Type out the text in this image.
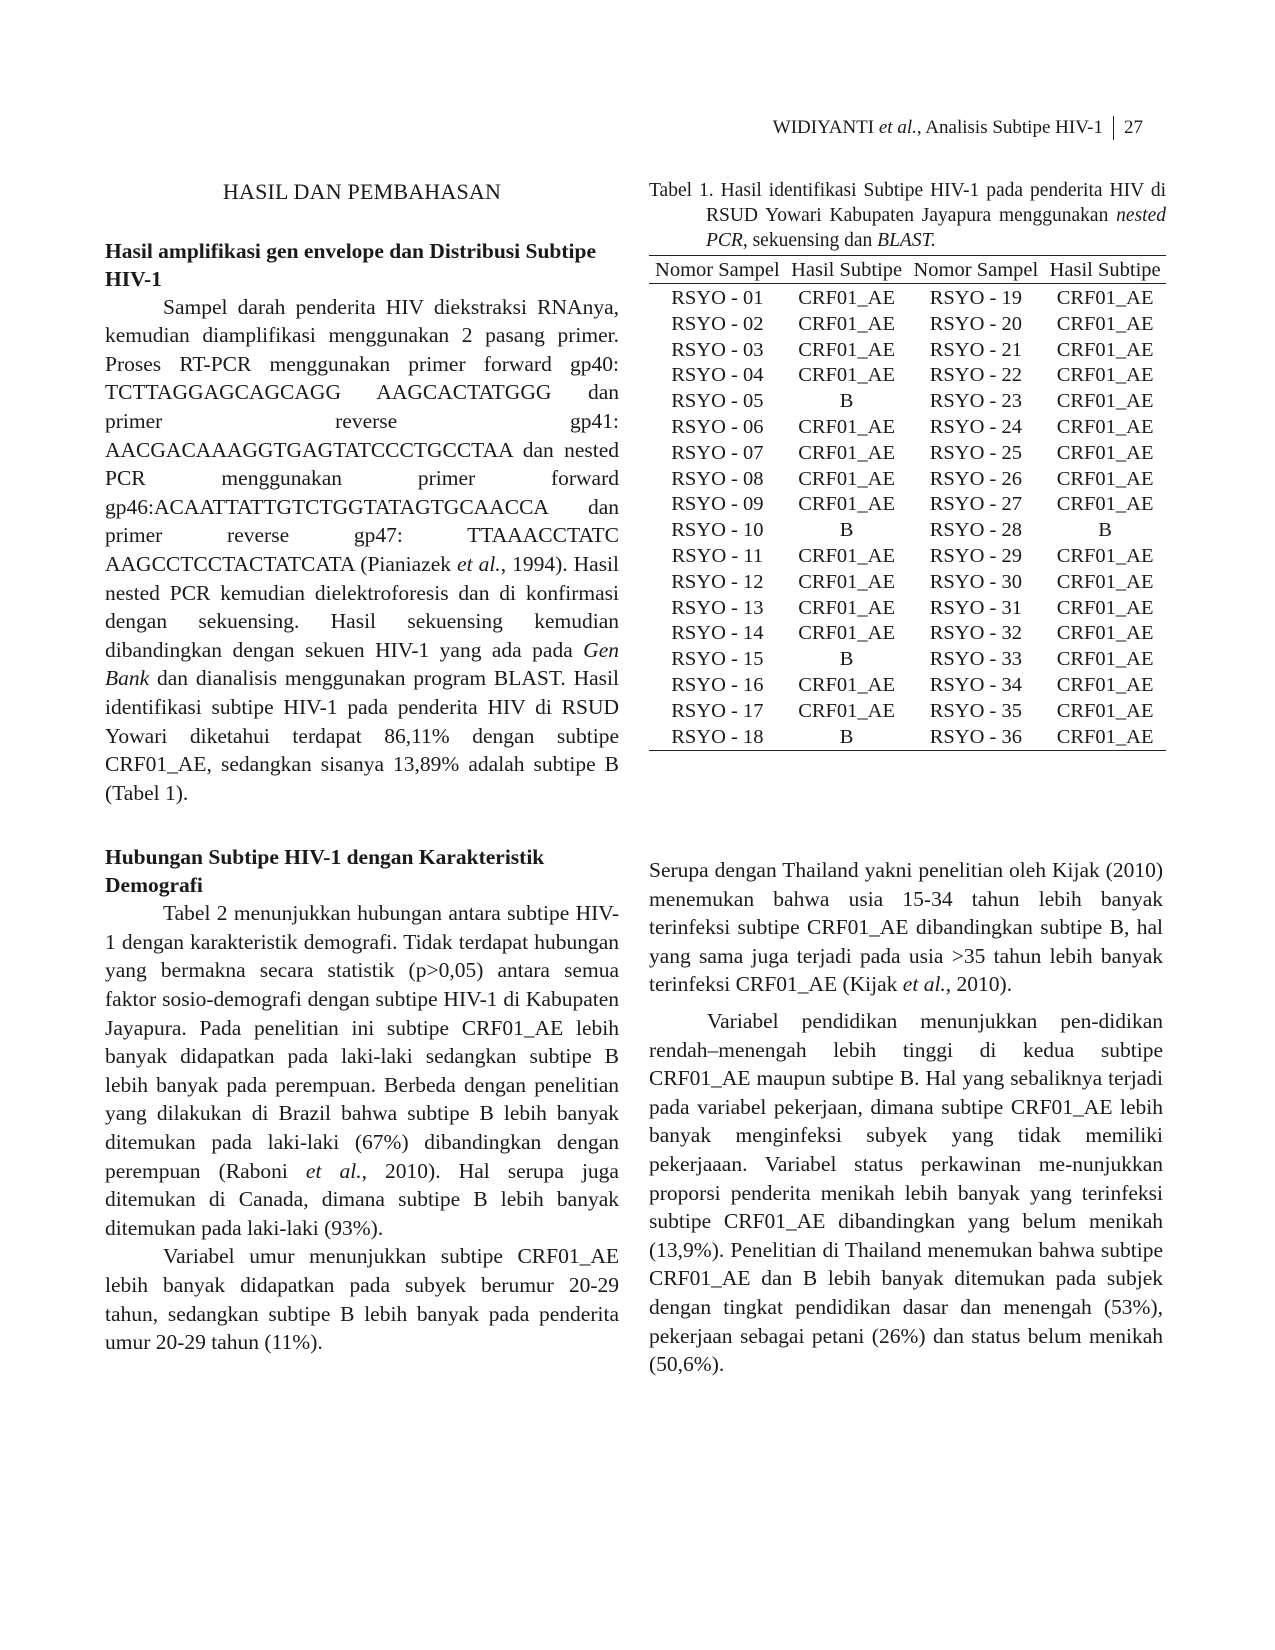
WIDIYANTI et al., Analisis Subtipe HIV-1 27
HASIL DAN PEMBAHASAN
Hasil amplifikasi gen envelope dan Distribusi Subtipe HIV-1

Sampel darah penderita HIV diekstraksi RNAnya, kemudian diamplifikasi menggunakan 2 pasang primer. Proses RT-PCR menggunakan primer forward gp40: TCTTAGGAGCAGCAGG AAGCACTATGGG dan primer reverse gp41: AACGACAAAGGTGAGTATCCCTGCCTAA dan nested PCR menggunakan primer forward gp46:ACAATTATTGTCTGGTATAGTGCAACCA dan primer reverse gp47: TTAAACCTATC AAGCCTCCTACTATCATA (Pianiazek et al., 1994). Hasil nested PCR kemudian dielektroforesis dan di konfirmasi dengan sekuensing. Hasil sekuensing kemudian dibandingkan dengan sekuen HIV-1 yang ada pada Gen Bank dan dianalisis menggunakan program BLAST. Hasil identifikasi subtipe HIV-1 pada penderita HIV di RSUD Yowari diketahui terdapat 86,11% dengan subtipe CRF01_AE, sedangkan sisanya 13,89% adalah subtipe B (Tabel 1).

Hubungan Subtipe HIV-1 dengan Karakteristik Demografi

Tabel 2 menunjukkan hubungan antara subtipe HIV-1 dengan karakteristik demografi. Tidak terdapat hubungan yang bermakna secara statistik (p>0,05) antara semua faktor sosio-demografi dengan subtipe HIV-1 di Kabupaten Jayapura. Pada penelitian ini subtipe CRF01_AE lebih banyak didapatkan pada laki-laki sedangkan subtipe B lebih banyak pada perempuan. Berbeda dengan penelitian yang dilakukan di Brazil bahwa subtipe B lebih banyak ditemukan pada laki-laki (67%) dibandingkan dengan perempuan (Raboni et al., 2010). Hal serupa juga ditemukan di Canada, dimana subtipe B lebih banyak ditemukan pada laki-laki (93%).

Variabel umur menunjukkan subtipe CRF01_AE lebih banyak didapatkan pada subyek berumur 20-29 tahun, sedangkan subtipe B lebih banyak pada penderita umur 20-29 tahun (11%).

Tabel 1. Hasil identifikasi Subtipe HIV-1 pada penderita HIV di RSUD Yowari Kabupaten Jayapura menggunakan nested PCR, sekuensing dan BLAST.

Nomor Sampel	Hasil Subtipe	Nomor Sampel	Hasil Subtipe
RSYO - 01	CRF01_AE	RSYO - 19	CRF01_AE
RSYO - 02	CRF01_AE	RSYO - 20	CRF01_AE
RSYO - 03	CRF01_AE	RSYO - 21	CRF01_AE
RSYO - 04	CRF01_AE	RSYO - 22	CRF01_AE
RSYO - 05	B	RSYO - 23	CRF01_AE
RSYO - 06	CRF01_AE	RSYO - 24	CRF01_AE
RSYO - 07	CRF01_AE	RSYO - 25	CRF01_AE
RSYO - 08	CRF01_AE	RSYO - 26	CRF01_AE
RSYO - 09	CRF01_AE	RSYO - 27	CRF01_AE
RSYO - 10	B	RSYO - 28	B
RSYO - 11	CRF01_AE	RSYO - 29	CRF01_AE
RSYO - 12	CRF01_AE	RSYO - 30	CRF01_AE
RSYO - 13	CRF01_AE	RSYO - 31	CRF01_AE
RSYO - 14	CRF01_AE	RSYO - 32	CRF01_AE
RSYO - 15	B	RSYO - 33	CRF01_AE
RSYO - 16	CRF01_AE	RSYO - 34	CRF01_AE
RSYO - 17	CRF01_AE	RSYO - 35	CRF01_AE
RSYO - 18	B	RSYO - 36	CRF01_AE

Serupa dengan Thailand yakni penelitian oleh Kijak (2010) menemukan bahwa usia 15-34 tahun lebih banyak terinfeksi subtipe CRF01_AE dibandingkan subtipe B, hal yang sama juga terjadi pada usia >35 tahun lebih banyak terinfeksi CRF01_AE (Kijak et al., 2010).

Variabel pendidikan menunjukkan pen-didikan rendah–menengah lebih tinggi di kedua subtipe CRF01_AE maupun subtipe B. Hal yang sebaliknya terjadi pada variabel pekerjaan, dimana subtipe CRF01_AE lebih banyak menginfeksi subyek yang tidak memiliki pekerjaaan. Variabel status perkawinan me-nunjukkan proporsi penderita menikah lebih banyak yang terinfeksi subtipe CRF01_AE dibandingkan yang belum menikah (13,9%). Penelitian di Thailand menemukan bahwa subtipe CRF01_AE dan B lebih banyak ditemukan pada subjek dengan tingkat pendidikan dasar dan menengah (53%), pekerjaan sebagai petani (26%) dan status belum menikah (50,6%).
